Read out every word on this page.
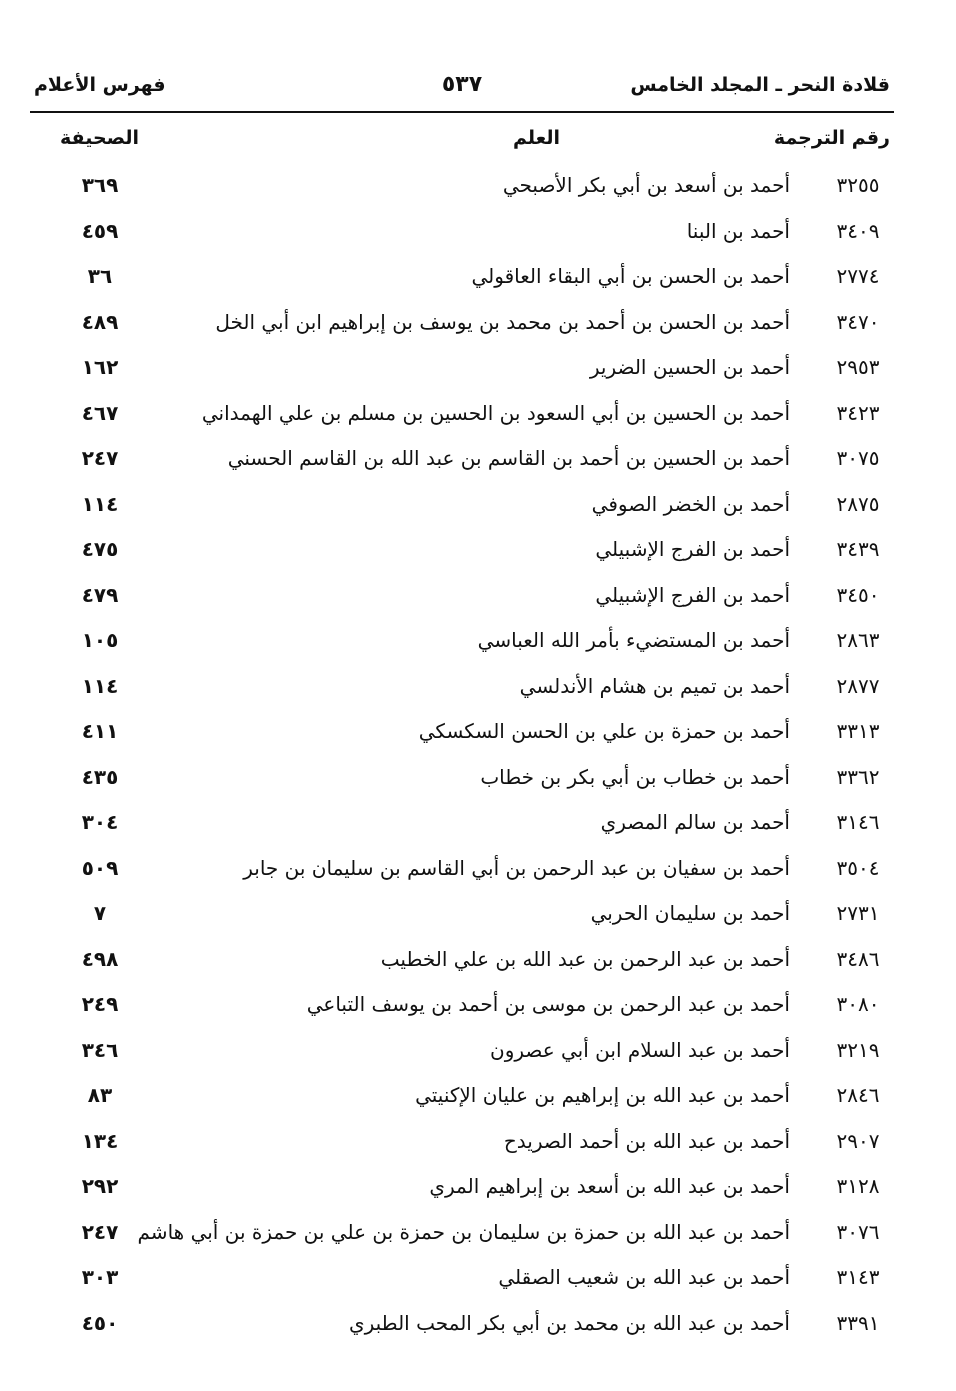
قلادة النحر ـ المجلد الخامس
٥٣٧
فهرس الأعلام
رقم الترجمة
العلم
الصحيفة
٣٢٥٥
أحمد بن أسعد بن أبي بكر الأصبحي
٣٦٩
٣٤٠٩
أحمد بن البنا
٤٥٩
٢٧٧٤
أحمد بن الحسن بن أبي البقاء العاقولي
٣٦
٣٤٧٠
أحمد بن الحسن بن أحمد بن محمد بن يوسف بن إبراهيم ابن أبي الخل
٤٨٩
٢٩٥٣
أحمد بن الحسين الضرير
١٦٢
٣٤٢٣
أحمد بن الحسين بن أبي السعود بن الحسين بن مسلم بن علي الهمداني
٤٦٧
٣٠٧٥
أحمد بن الحسين بن أحمد بن القاسم بن عبد الله بن القاسم الحسني
٢٤٧
٢٨٧٥
أحمد بن الخضر الصوفي
١١٤
٣٤٣٩
أحمد بن الفرج الإشبيلي
٤٧٥
٣٤٥٠
أحمد بن الفرج الإشبيلي
٤٧٩
٢٨٦٣
أحمد بن المستضيء بأمر الله العباسي
١٠٥
٢٨٧٧
أحمد بن تميم بن هشام الأندلسي
١١٤
٣٣١٣
أحمد بن حمزة بن علي بن الحسن السكسكي
٤١١
٣٣٦٢
أحمد بن خطاب بن أبي بكر بن خطاب
٤٣٥
٣١٤٦
أحمد بن سالم المصري
٣٠٤
٣٥٠٤
أحمد بن سفيان بن عبد الرحمن بن أبي القاسم بن سليمان بن جابر
٥٠٩
٢٧٣١
أحمد بن سليمان الحربي
٧
٣٤٨٦
أحمد بن عبد الرحمن بن عبد الله بن علي الخطيب
٤٩٨
٣٠٨٠
أحمد بن عبد الرحمن بن موسى بن أحمد بن يوسف التباعي
٢٤٩
٣٢١٩
أحمد بن عبد السلام ابن أبي عصرون
٣٤٦
٢٨٤٦
أحمد بن عبد الله بن إبراهيم بن عليان الإكنيتي
٨٣
٢٩٠٧
أحمد بن عبد الله بن أحمد الصريدح
١٣٤
٣١٢٨
أحمد بن عبد الله بن أسعد بن إبراهيم المري
٢٩٢
٣٠٧٦
أحمد بن عبد الله بن حمزة بن سليمان بن حمزة بن علي بن حمزة بن أبي هاشم
٢٤٧
٣١٤٣
أحمد بن عبد الله بن شعيب الصقلي
٣٠٣
٣٣٩١
أحمد بن عبد الله بن محمد بن أبي بكر المحب الطبري
٤٥٠
